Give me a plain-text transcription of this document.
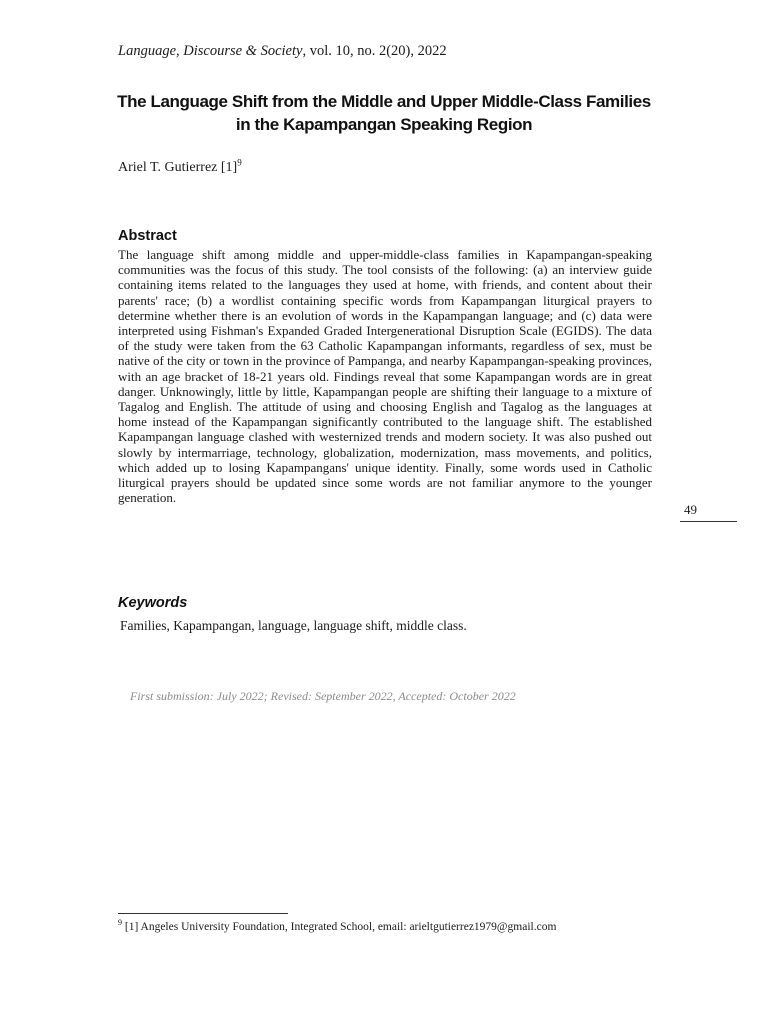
Language, Discourse & Society, vol. 10, no. 2(20), 2022
The Language Shift from the Middle and Upper Middle-Class Families
in the Kapampangan Speaking Region
Ariel T. Gutierrez $[1]^9$
Abstract
The language shift among middle and upper-middle-class families in Kapampangan-speaking communities was the focus of this study. The tool consists of the following: (a) an interview guide containing items related to the languages they used at home, with friends, and content about their parents' race; (b) a wordlist containing specific words from Kapampangan liturgical prayers to determine whether there is an evolution of words in the Kapampangan language; and (c) data were interpreted using Fishman's Expanded Graded Intergenerational Disruption Scale (EGIDS). The data of the study were taken from the 63 Catholic Kapampangan informants, regardless of sex, must be native of the city or town in the province of Pampanga, and nearby Kapampangan-speaking provinces, with an age bracket of 18-21 years old. Findings reveal that some Kapampangan words are in great danger. Unknowingly, little by little, Kapampangan people are shifting their language to a mixture of Tagalog and English. The attitude of using and choosing English and Tagalog as the languages at home instead of the Kapampangan significantly contributed to the language shift. The established Kapampangan language clashed with westernized trends and modern society. It was also pushed out slowly by intermarriage, technology, globalization, modernization, mass movements, and politics, which added up to losing Kapampangans' unique identity. Finally, some words used in Catholic liturgical prayers should be updated since some words are not familiar anymore to the younger generation.
Keywords
Families, Kapampangan, language, language shift, middle class.
First submission: July 2022; Revised: September 2022, Accepted: October 2022
49
$^9$ [1] Angeles University Foundation, Integrated School, email: arieltgutierrez1979@gmail.com
